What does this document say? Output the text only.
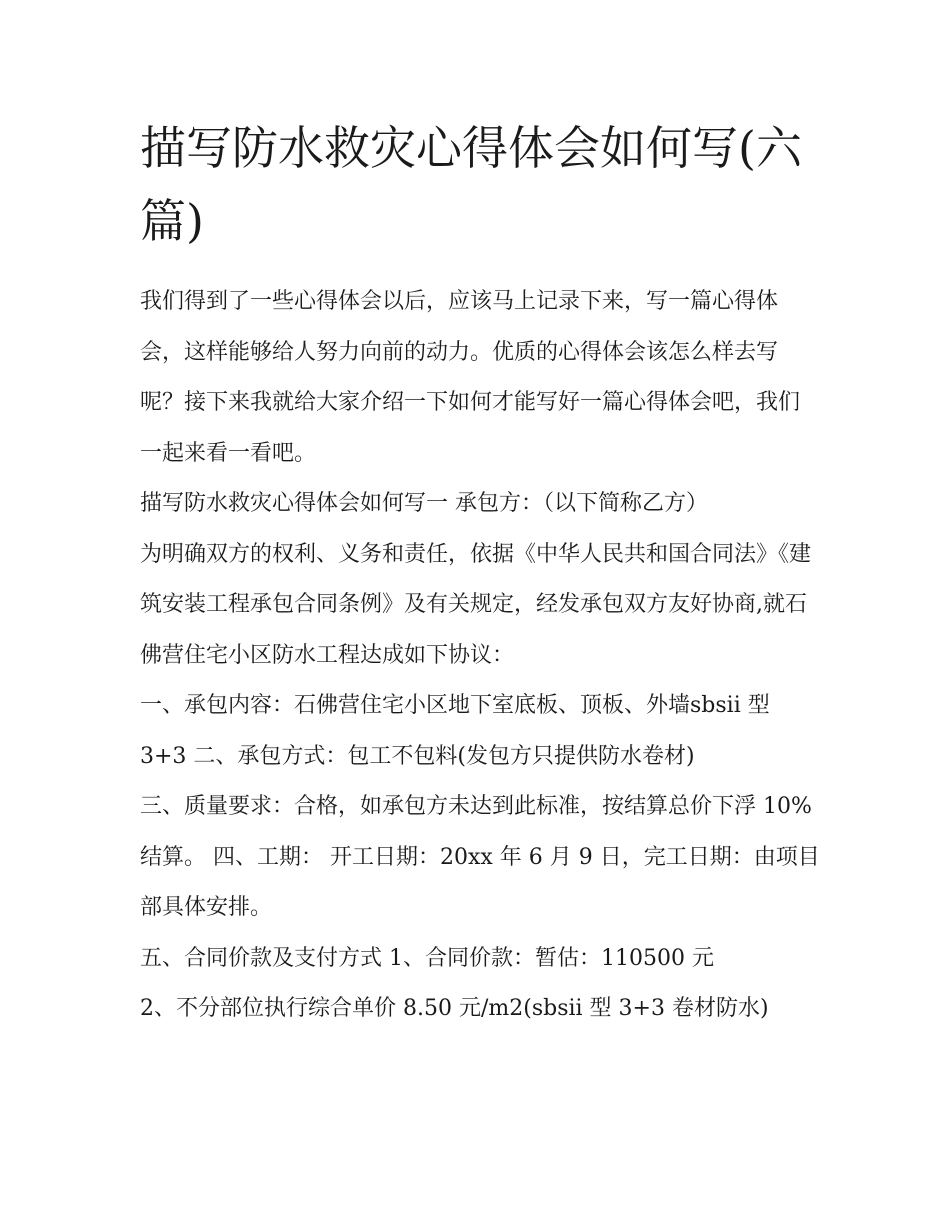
描写防水救灾心得体会如何写(六篇)

我们得到了一些心得体会以后，应该马上记录下来，写一篇心得体会，这样能够给人努力向前的动力。优质的心得体会该怎么样去写呢？接下来我就给大家介绍一下如何才能写好一篇心得体会吧，我们一起来看一看吧。

描写防水救灾心得体会如何写一 承包方：（以下简称乙方）

为明确双方的权利、义务和责任，依据《中华人民共和国合同法》《建筑安装工程承包合同条例》及有关规定，经发承包双方友好协商,就石佛营住宅小区防水工程达成如下协议：

一、承包内容：石佛营住宅小区地下室底板、顶板、外墙sbsii 型 3+3 二、承包方式：包工不包料(发包方只提供防水卷材)

三、质量要求：合格，如承包方未达到此标准，按结算总价下浮 10%结算。 四、工期： 开工日期：20xx 年 6 月 9 日，完工日期：由项目部具体安排。

五、合同价款及支付方式 1、合同价款：暂估：110500 元

2、不分部位执行综合单价 8.50 元/m2(sbsii 型 3+3 卷材防水)
